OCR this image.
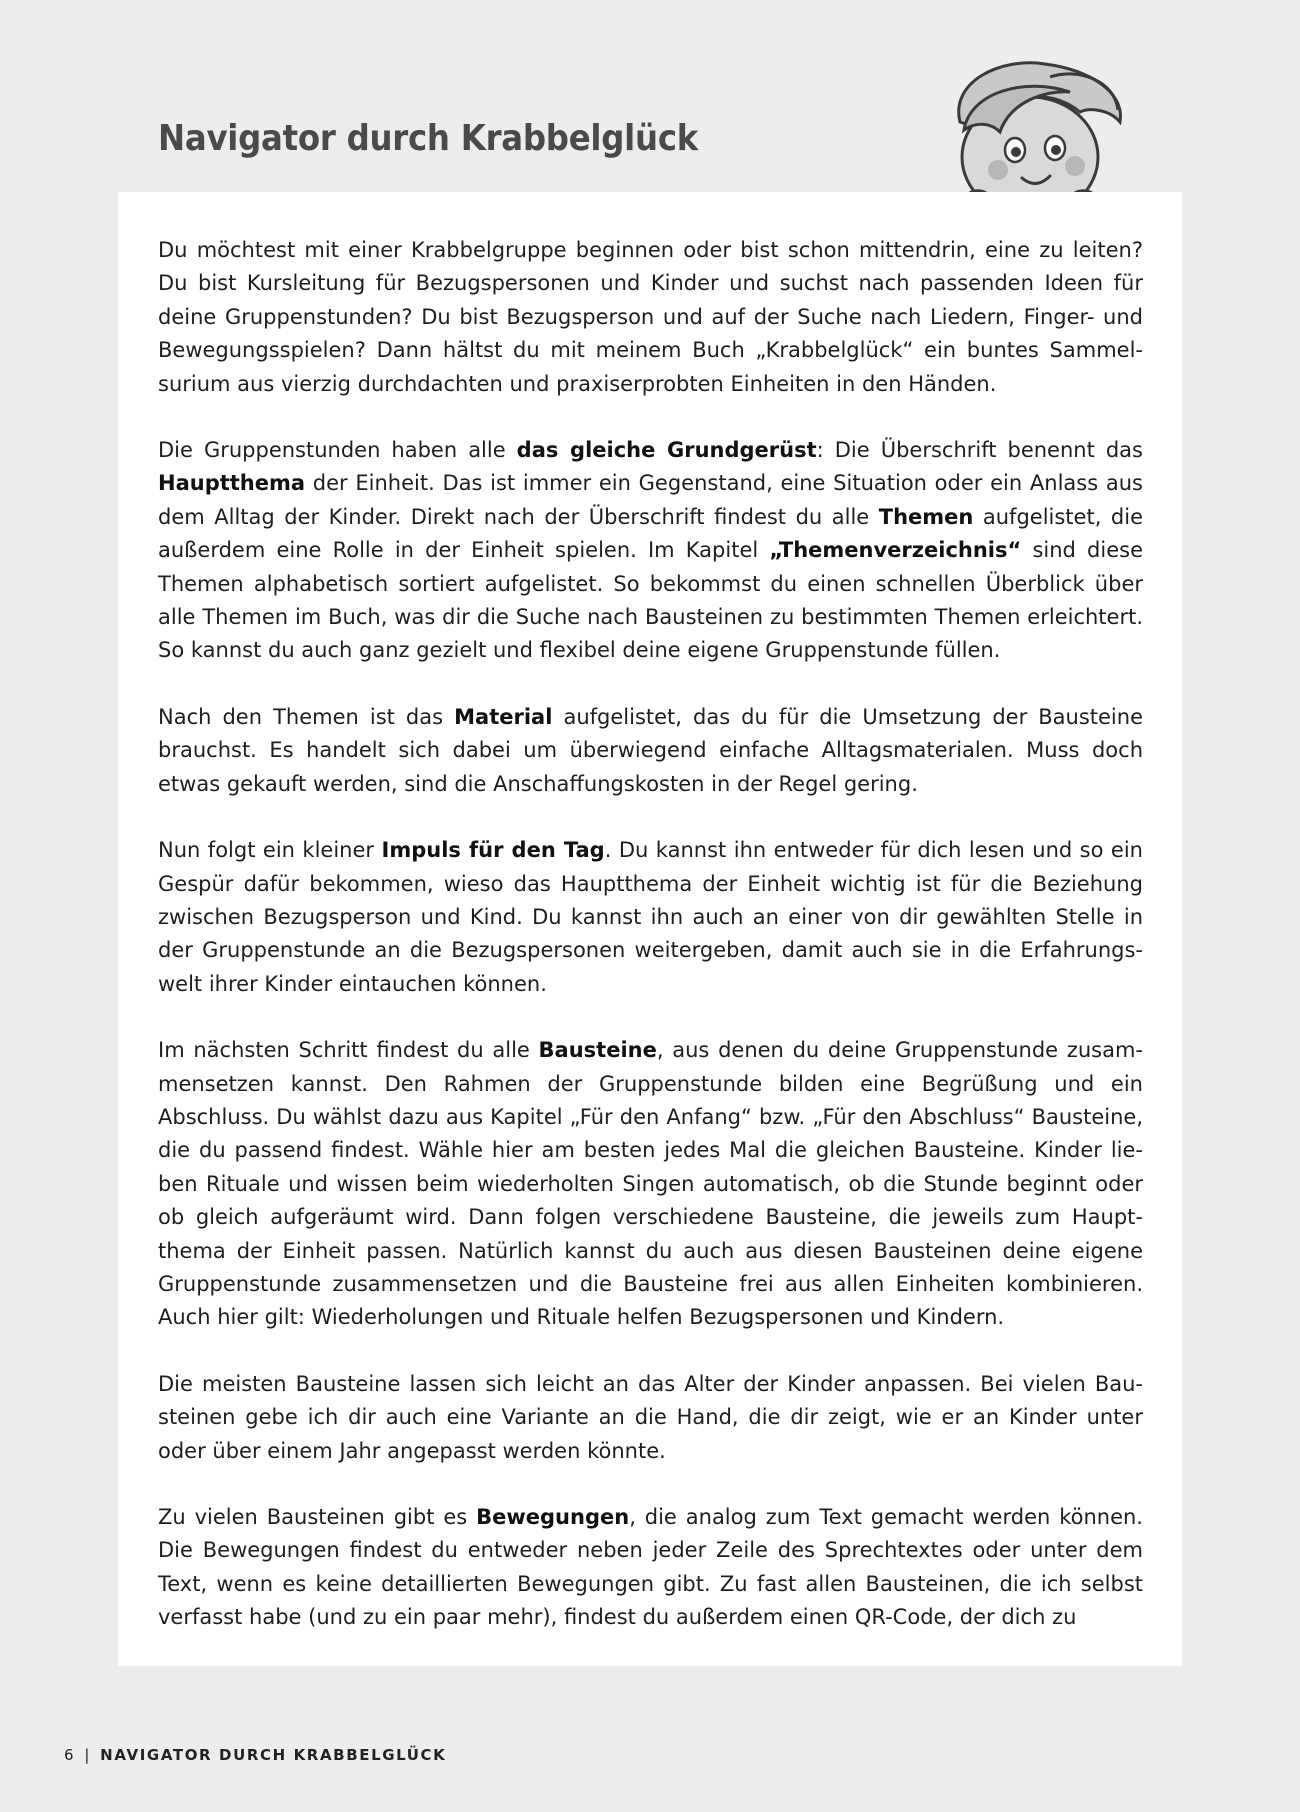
Navigator durch Krabbelglück

Du möchtest mit einer Krabbelgruppe beginnen oder bist schon mittendrin, eine zu leiten? Du bist Kursleitung für Bezugspersonen und Kinder und suchst nach passenden Ideen für deine Gruppenstunden? Du bist Bezugsperson und auf der Suche nach Liedern, Finger- und Bewegungsspielen? Dann hältst du mit meinem Buch „Krabbelglück“ ein buntes Sammelsurium aus vierzig durchdachten und praxiserprobten Einheiten in den Händen.

Die Gruppenstunden haben alle das gleiche Grundgerüst: Die Überschrift benennt das Hauptthema der Einheit. Das ist immer ein Gegenstand, eine Situation oder ein Anlass aus dem Alltag der Kinder. Direkt nach der Überschrift findest du alle Themen aufgelistet, die außerdem eine Rolle in der Einheit spielen. Im Kapitel „Themenverzeichnis“ sind diese Themen alphabetisch sortiert aufgelistet. So bekommst du einen schnellen Überblick über alle Themen im Buch, was dir die Suche nach Bausteinen zu bestimmten Themen erleichtert. So kannst du auch ganz gezielt und flexibel deine eigene Gruppenstunde füllen.

Nach den Themen ist das Material aufgelistet, das du für die Umsetzung der Bausteine brauchst. Es handelt sich dabei um überwiegend einfache Alltagsmaterialen. Muss doch etwas gekauft werden, sind die Anschaffungskosten in der Regel gering.

Nun folgt ein kleiner Impuls für den Tag. Du kannst ihn entweder für dich lesen und so ein Gespür dafür bekommen, wieso das Hauptthema der Einheit wichtig ist für die Beziehung zwischen Bezugsperson und Kind. Du kannst ihn auch an einer von dir gewählten Stelle in der Gruppenstunde an die Bezugspersonen weitergeben, damit auch sie in die Erfahrungswelt ihrer Kinder eintauchen können.

Im nächsten Schritt findest du alle Bausteine, aus denen du deine Gruppenstunde zusammensetzen kannst. Den Rahmen der Gruppenstunde bilden eine Begrüßung und ein Abschluss. Du wählst dazu aus Kapitel „Für den Anfang“ bzw. „Für den Abschluss“ Bausteine, die du passend findest. Wähle hier am besten jedes Mal die gleichen Bausteine. Kinder lieben Rituale und wissen beim wiederholten Singen automatisch, ob die Stunde beginnt oder ob gleich aufgeräumt wird. Dann folgen verschiedene Bausteine, die jeweils zum Hauptthema der Einheit passen. Natürlich kannst du auch aus diesen Bausteinen deine eigene Gruppenstunde zusammensetzen und die Bausteine frei aus allen Einheiten kombinieren. Auch hier gilt: Wiederholungen und Rituale helfen Bezugspersonen und Kindern.

Die meisten Bausteine lassen sich leicht an das Alter der Kinder anpassen. Bei vielen Bausteinen gebe ich dir auch eine Variante an die Hand, die dir zeigt, wie er an Kinder unter oder über einem Jahr angepasst werden könnte.

Zu vielen Bausteinen gibt es Bewegungen, die analog zum Text gemacht werden können. Die Bewegungen findest du entweder neben jeder Zeile des Sprechtextes oder unter dem Text, wenn es keine detaillierten Bewegungen gibt. Zu fast allen Bausteinen, die ich selbst verfasst habe (und zu ein paar mehr), findest du außerdem einen QR-Code, der dich zu

6 | NAVIGATOR DURCH KRABBELGLÜCK
